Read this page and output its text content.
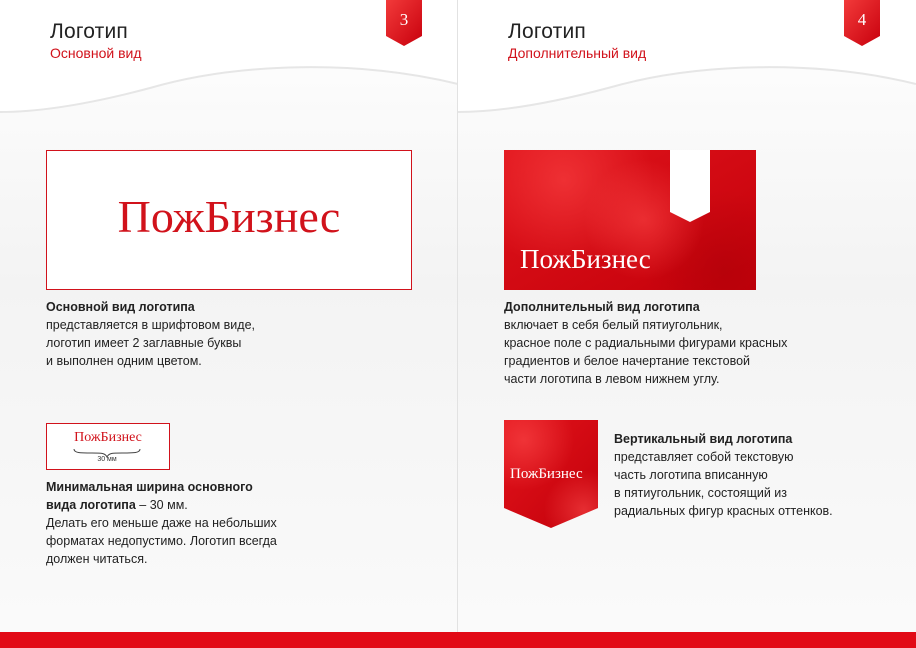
Логотип
Основной вид
3
ПожБизнес
Основной вид логотипа
представляется в шрифтовом виде,
логотип имеет 2 заглавные буквы
и выполнен одним цветом.
ПожБизнес
30 мм
Минимальная ширина основного
вида логотипа – 30 мм.
Делать его меньше даже на небольших
форматах недопустимо. Логотип всегда
должен читаться.
Логотип
Дополнительный вид
4
ПожБизнес
Дополнительный вид логотипа
включает в себя белый пятиугольник,
красное поле с радиальными фигурами красных
градиентов и белое начертание текстовой
части логотипа в левом нижнем углу.
ПожБизнес
Вертикальный вид логотипа
представляет собой текстовую
часть логотипа вписанную
в пятиугольник, состоящий из
радиальных фигур красных оттенков.
